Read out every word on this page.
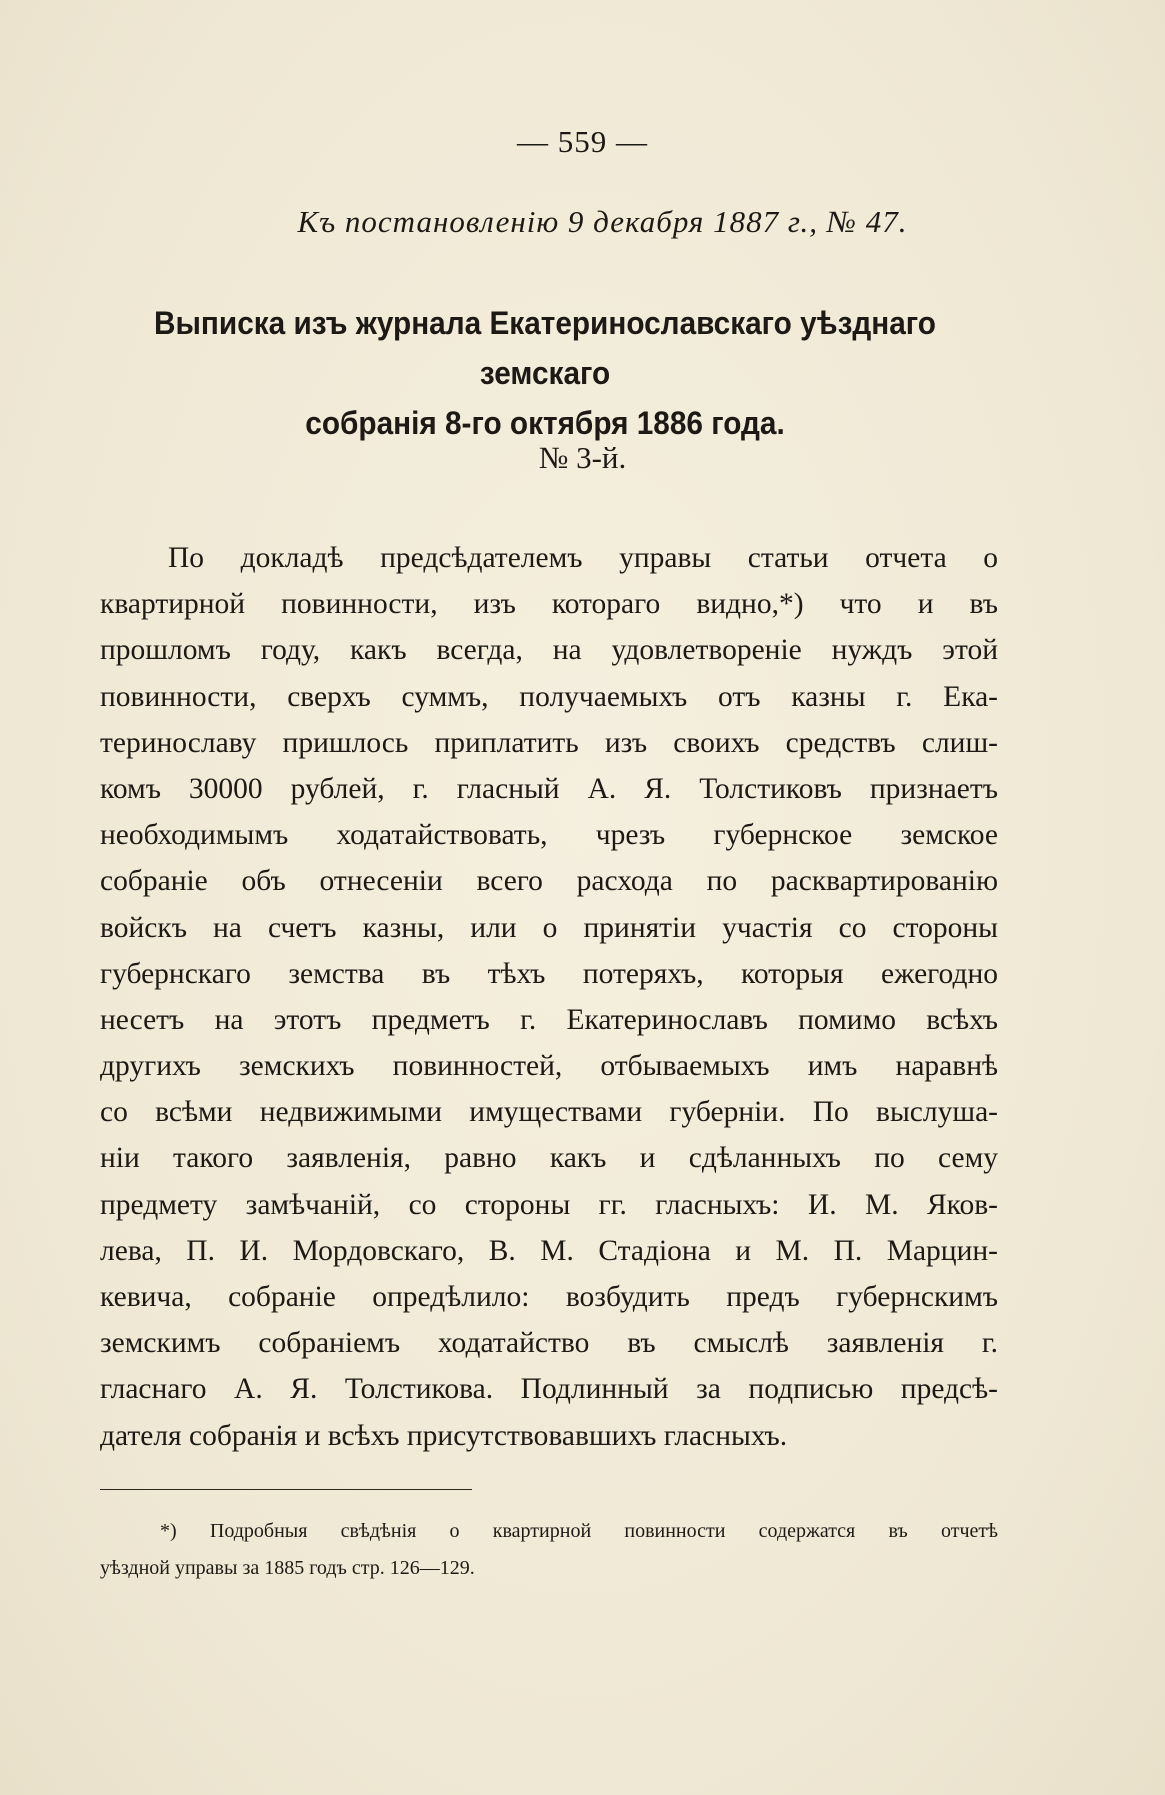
— 559 —
Къ постановленію 9 декабря 1887 г., № 47.
Выписка изъ журнала Екатеринославскаго уѣзднаго земскаго
собранія 8-го октября 1886 года.
№ 3-й.
По докладѣ предсѣдателемъ управы статьи отчета о
квартирной повинности, изъ котораго видно,*) что и въ
прошломъ году, какъ всегда, на удовлетвореніе нуждъ этой
повинности, сверхъ суммъ, получаемыхъ отъ казны г. Ека-
теринославу пришлось приплатить изъ своихъ средствъ слиш-
комъ 30000 рублей, г. гласный А. Я. Толстиковъ признаетъ
необходимымъ ходатайствовать, чрезъ губернское земское
собраніе объ отнесеніи всего расхода по расквартированію
войскъ на счетъ казны, или о принятіи участія со стороны
губернскаго земства въ тѣхъ потеряхъ, которыя ежегодно
несетъ на этотъ предметъ г. Екатеринославъ помимо всѣхъ
другихъ земскихъ повинностей, отбываемыхъ имъ наравнѣ
со всѣми недвижимыми имуществами губерніи. По выслуша-
ніи такого заявленія, равно какъ и сдѣланныхъ по сему
предмету замѣчаній, со стороны гг. гласныхъ: И. М. Яков-
лева, П. И. Мордовскаго, В. М. Стадіона и М. П. Марцин-
кевича, собраніе опредѣлило: возбудить предъ губернскимъ
земскимъ собраніемъ ходатайство въ смыслѣ заявленія г.
гласнаго А. Я. Толстикова. Подлинный за подписью предсѣ-
дателя собранія и всѣхъ присутствовавшихъ гласныхъ.
*) Подробныя свѣдѣнія о квартирной повинности содержатся въ отчетѣ
уѣздной управы за 1885 годъ стр. 126—129.
